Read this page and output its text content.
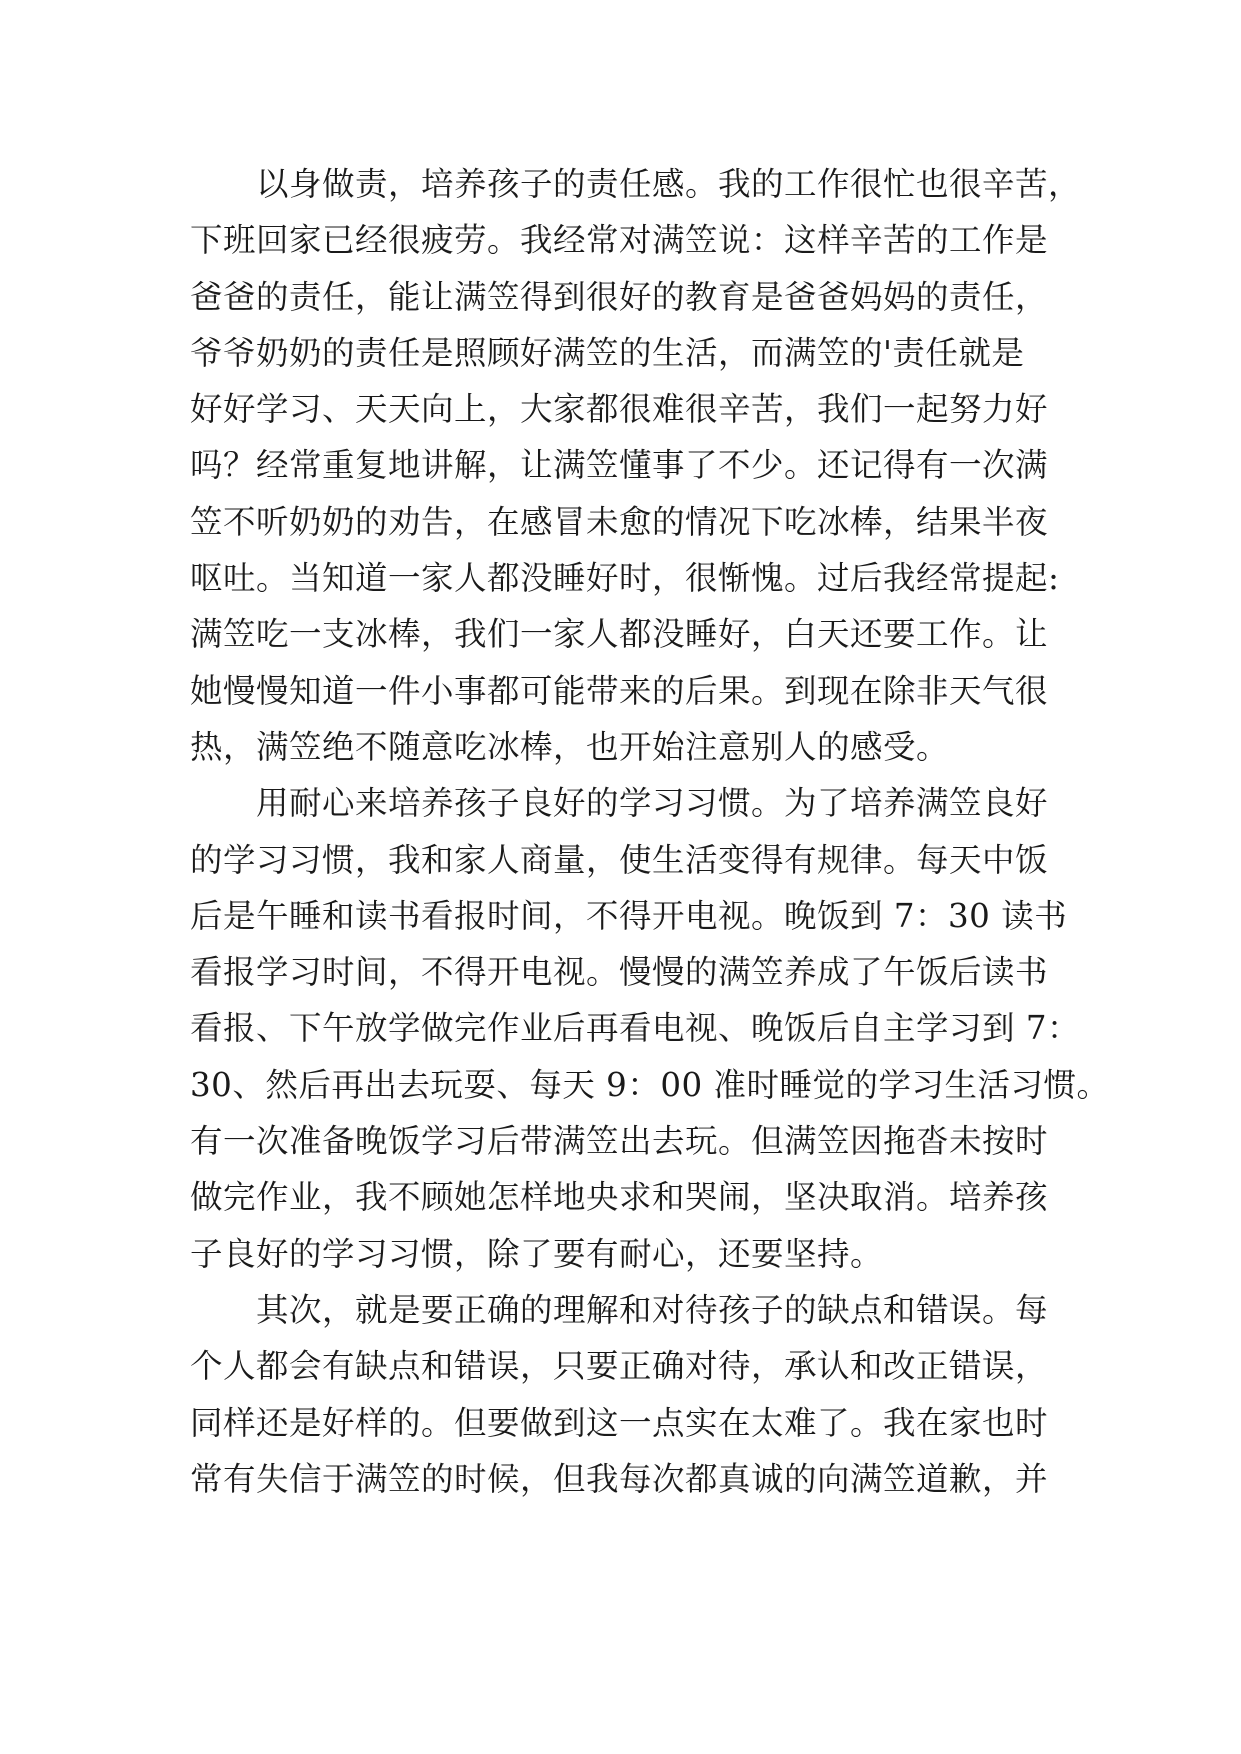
以身做责，培养孩子的责任感。我的工作很忙也很辛苦，
下班回家已经很疲劳。我经常对满笠说：这样辛苦的工作是
爸爸的责任，能让满笠得到很好的教育是爸爸妈妈的责任，
爷爷奶奶的责任是照顾好满笠的生活，而满笠的'责任就是
好好学习、天天向上，大家都很难很辛苦，我们一起努力好
吗？经常重复地讲解，让满笠懂事了不少。还记得有一次满
笠不听奶奶的劝告，在感冒未愈的情况下吃冰棒，结果半夜
呕吐。当知道一家人都没睡好时，很惭愧。过后我经常提起:
满笠吃一支冰棒，我们一家人都没睡好，白天还要工作。让
她慢慢知道一件小事都可能带来的后果。到现在除非天气很
热，满笠绝不随意吃冰棒，也开始注意别人的感受。
用耐心来培养孩子良好的学习习惯。为了培养满笠良好
的学习习惯，我和家人商量，使生活变得有规律。每天中饭
后是午睡和读书看报时间，不得开电视。晚饭到 7：30 读书
看报学习时间，不得开电视。慢慢的满笠养成了午饭后读书
看报、下午放学做完作业后再看电视、晚饭后自主学习到 7：
30、然后再出去玩耍、每天 9：00 准时睡觉的学习生活习惯。
有一次准备晚饭学习后带满笠出去玩。但满笠因拖沓未按时
做完作业，我不顾她怎样地央求和哭闹，坚决取消。培养孩
子良好的学习习惯，除了要有耐心，还要坚持。
其次，就是要正确的理解和对待孩子的缺点和错误。每
个人都会有缺点和错误，只要正确对待，承认和改正错误，
同样还是好样的。但要做到这一点实在太难了。我在家也时
常有失信于满笠的时候，但我每次都真诚的向满笠道歉，并
